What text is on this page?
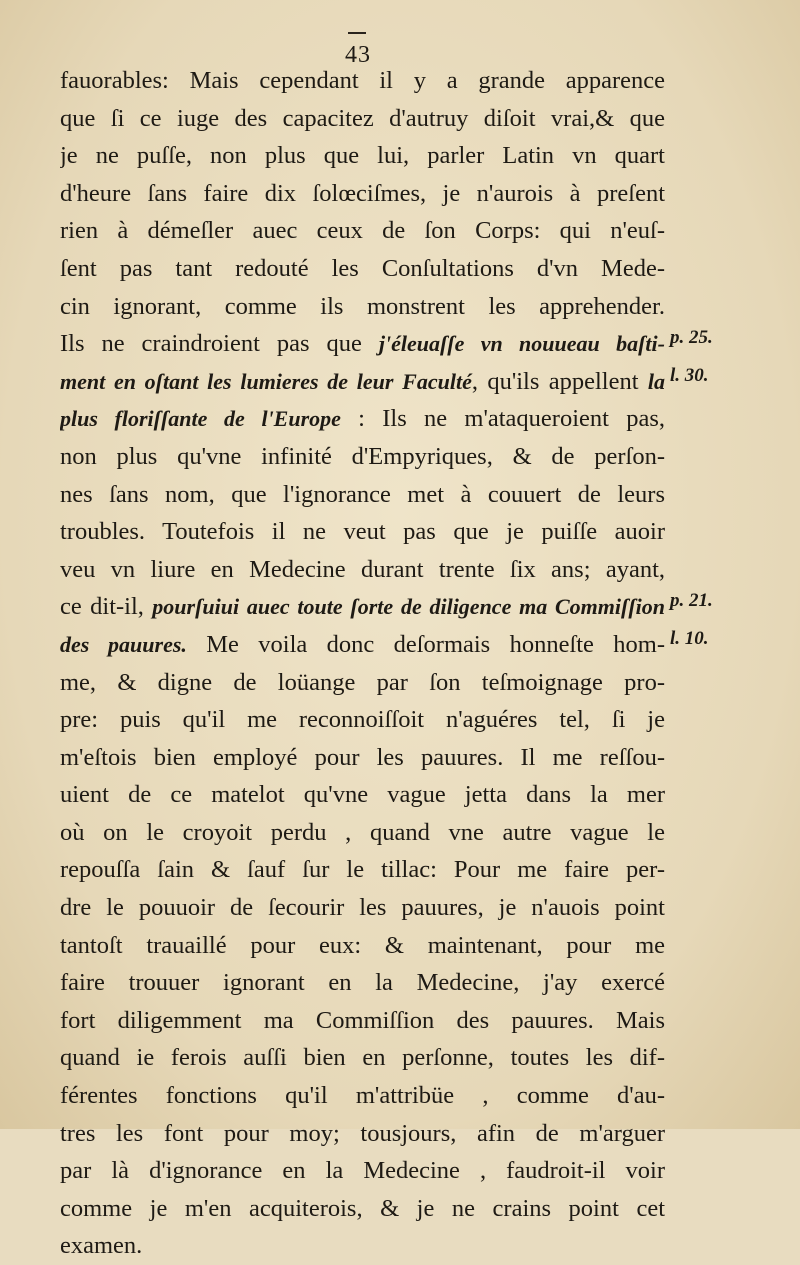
43
fauorables: Mais cependant il y a grande apparence
que ſi ce iuge des capacitez d'autruy diſoit vrai,& que
je ne puſſe, non plus que lui, parler Latin vn quart
d'heure ſans faire dix ſolœciſmes, je n'aurois à preſent
rien à démeſler auec ceux de ſon Corps: qui n'euſ-
ſent pas tant redouté les Conſultations d'vn Mede-
cin ignorant, comme ils monstrent les apprehender.
Ils ne craindroient pas que j'éleuaſſe vn nouueau baſti-
ment en oſtant les lumieres de leur Faculté, qu'ils appellent la
plus floriſſante de l'Europe : Ils ne m'ataqueroient pas,
non plus qu'vne infinité d'Empyriques, & de perſon-
nes ſans nom, que l'ignorance met à couuert de leurs
troubles. Toutefois il ne veut pas que je puiſſe auoir
veu vn liure en Medecine durant trente ſix ans; ayant,
ce dit-il, pourſuiui auec toute ſorte de diligence ma Commiſſion
des pauures. Me voila donc deſormais honneſte hom-
me, & digne de loüange par ſon teſmoignage pro-
pre: puis qu'il me reconnoiſſoit n'aguéres tel, ſi je
m'eſtois bien employé pour les pauures. Il me reſſou-
uient de ce matelot qu'vne vague jetta dans la mer
où on le croyoit perdu , quand vne autre vague le
repouſſa ſain & ſauf ſur le tillac: Pour me faire per-
dre le pouuoir de ſecourir les pauures, je n'auois point
tantoſt trauaillé pour eux: & maintenant, pour me
faire trouuer ignorant en la Medecine, j'ay exercé
fort diligemment ma Commiſſion des pauures. Mais
quand ie ferois auſſi bien en perſonne, toutes les dif-
férentes fonctions qu'il m'attribüe , comme d'au-
tres les font pour moy; tousjours, afin de m'arguer
par là d'ignorance en la Medecine , faudroit-il voir
comme je m'en acquiterois, & je ne crains point cet
examen.
p. 25.
l. 30.
p. 21.
l. 10.
